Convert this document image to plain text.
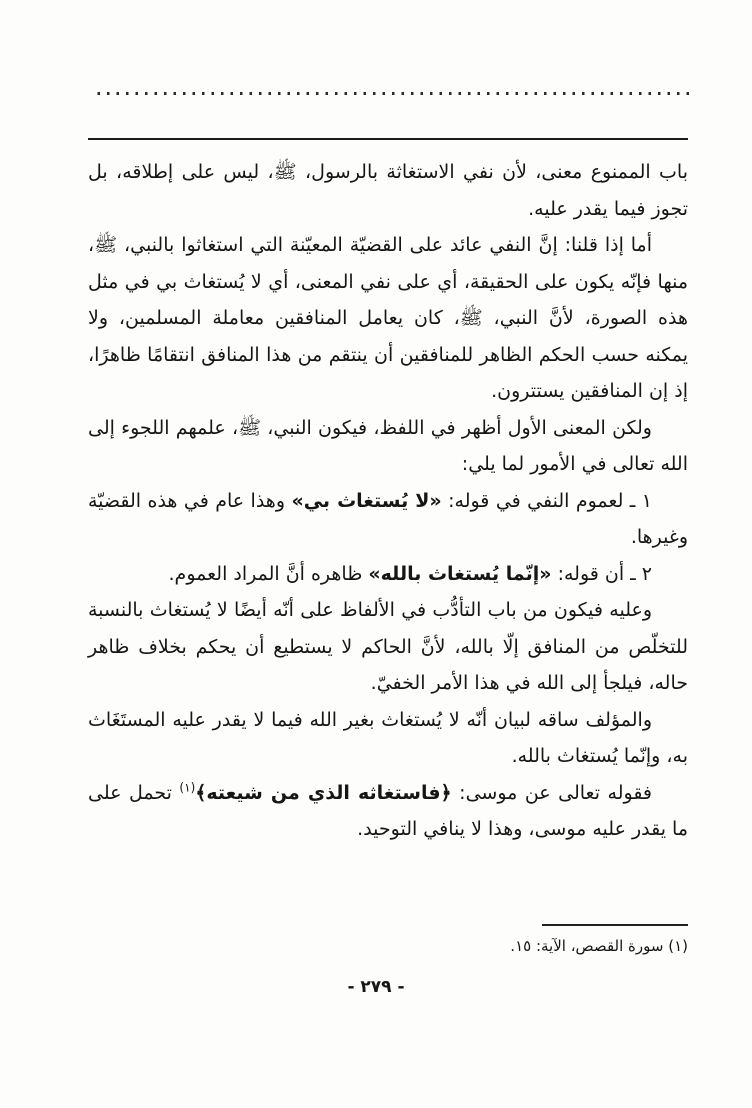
باب الممنوع معنى، لأن نفي الاستغاثة بالرسول، ﷺ، ليس على إطلاقه، بل تجوز فيما يقدر عليه.

أما إذا قلنا: إنَّ النفي عائد على القضيّة المعيّنة التي استغاثوا بالنبي، ﷺ، منها فإنّه يكون على الحقيقة، أي على نفي المعنى، أي لا يُستغاث بي في مثل هذه الصورة، لأنَّ النبي، ﷺ، كان يعامل المنافقين معاملة المسلمين، ولا يمكنه حسب الحكم الظاهر للمنافقين أن ينتقم من هذا المنافق انتقامًا ظاهرًا، إذ إن المنافقين يستترون.

ولكن المعنى الأول أظهر في اللفظ، فيكون النبي، ﷺ، علمهم اللجوء إلى الله تعالى في الأمور لما يلي:

١ ـ لعموم النفي في قوله: «لا يُستغاث بي» وهذا عام في هذه القضيّة وغيرها.

٢ ـ أن قوله: «إنّما يُستغاث بالله» ظاهره أنَّ المراد العموم.

وعليه فيكون من باب التأدُّب في الألفاظ على أنّه أيضًا لا يُستغاث بالنسبة للتخلّص من المنافق إلّا بالله، لأنَّ الحاكم لا يستطيع أن يحكم بخلاف ظاهر حاله، فيلجأ إلى الله في هذا الأمر الخفيّ.

والمؤلف ساقه لبيان أنّه لا يُستغاث بغير الله فيما لا يقدر عليه المستَغَاث به، وإنّما يُستغاث بالله.

فقوله تعالى عن موسى: ﴿فاستغاثه الذي من شيعته﴾$^{(١)}$ تحمل على ما يقدر عليه موسى، وهذا لا ينافي التوحيد.

(١) سورة القصص، الآية: ١٥.
- ٢٧٩ -
